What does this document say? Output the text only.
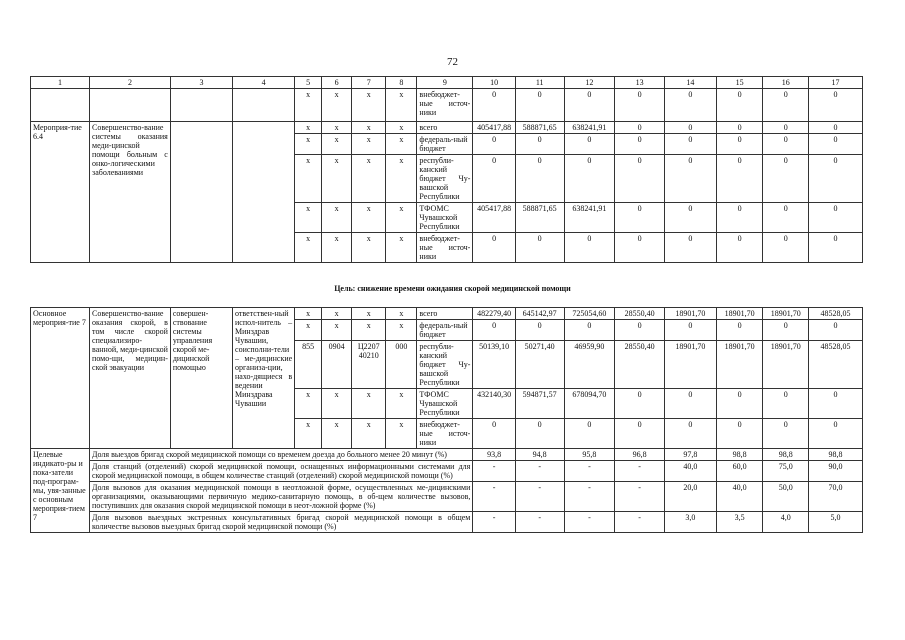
72
1	2	3	4	5	6	7	8	9	10	11	12	13	14	15	16	17
				x	x	x	x	внебюджет-ные источ-ники	0	0	0	0	0	0	0	0
Мероприя-тие 6.4	Совершенство-вание системы оказания меди-цинской помощи больным с онко-логическими заболеваниями			x	x	x	x	всего	405417,88	588871,65	638241,91	0	0	0	0	0
				x	x	x	x	федераль-ный бюджет	0	0	0	0	0	0	0	0
				x	x	x	x	республи-канский бюджет Чу-вашской Республики	0	0	0	0	0	0	0	0
				x	x	x	x	ТФОМС Чувашской Республики	405417,88	588871,65	638241,91	0	0	0	0	0
				x	x	x	x	внебюджет-ные источ-ники	0	0	0	0	0	0	0	0
Цель: снижение времени ожидания скорой медицинской помощи
Основное мероприя-тие 7	Совершенство-вание оказания скорой, в том числе скорой специализиро-ванной, меди-цинской помо-щи, медицин-ской эвакуации	совершен-ствование системы управления скорой ме-дицинской помощью	ответствен-ный испол-нитель – Минздрав Чувашии, соисполни-тели – ме-дицинские организа-ции, нахо-дящиеся в ведении Минздрава Чувашии	x	x	x	x	всего	482279,40	645142,97	725054,60	28550,40	18901,70	18901,70	18901,70	48528,05
				x	x	x	x	федераль-ный бюджет	0	0	0	0	0	0	0	0
				855	0904	Ц2207 40210	000	республи-канский бюджет Чу-вашской Республики	50139,10	50271,40	46959,90	28550,40	18901,70	18901,70	18901,70	48528,05
				x	x	x	x	ТФОМС Чувашской Республики	432140,30	594871,57	678094,70	0	0	0	0	0
				x	x	x	x	внебюджет-ные источ-ники	0	0	0	0	0	0	0	0
Целевые индикато-ры и пока-затели под-програм-мы, увя-занные с основным мероприя-тием 7	Доля выездов бригад скорой медицинской помощи со временем доезда до больного менее 20 минут (%)								93,8	94,8	95,8	96,8	97,8	98,8	98,8	98,8
	Доля станций (отделений) скорой медицинской помощи, оснащенных информационными системами для скорой медицинской помощи, в общем количестве станций (отделений) скорой медицинской помощи (%)								-	-	-	-	40,0	60,0	75,0	90,0
	Доля вызовов для оказания медицинской помощи в неотложной форме, осуществленных ме-дицинскими организациями, оказывающими первичную медико-санитарную помощь, в об-щем количестве вызовов, поступивших для оказания скорой медицинской помощи в неот-ложной форме (%)								-	-	-	-	20,0	40,0	50,0	70,0
	Доля вызовов выездных экстренных консультативных бригад скорой медицинской помощи в общем количестве вызовов выездных бригад скорой медицинской помощи (%)								-	-	-	-	3,0	3,5	4,0	5,0
